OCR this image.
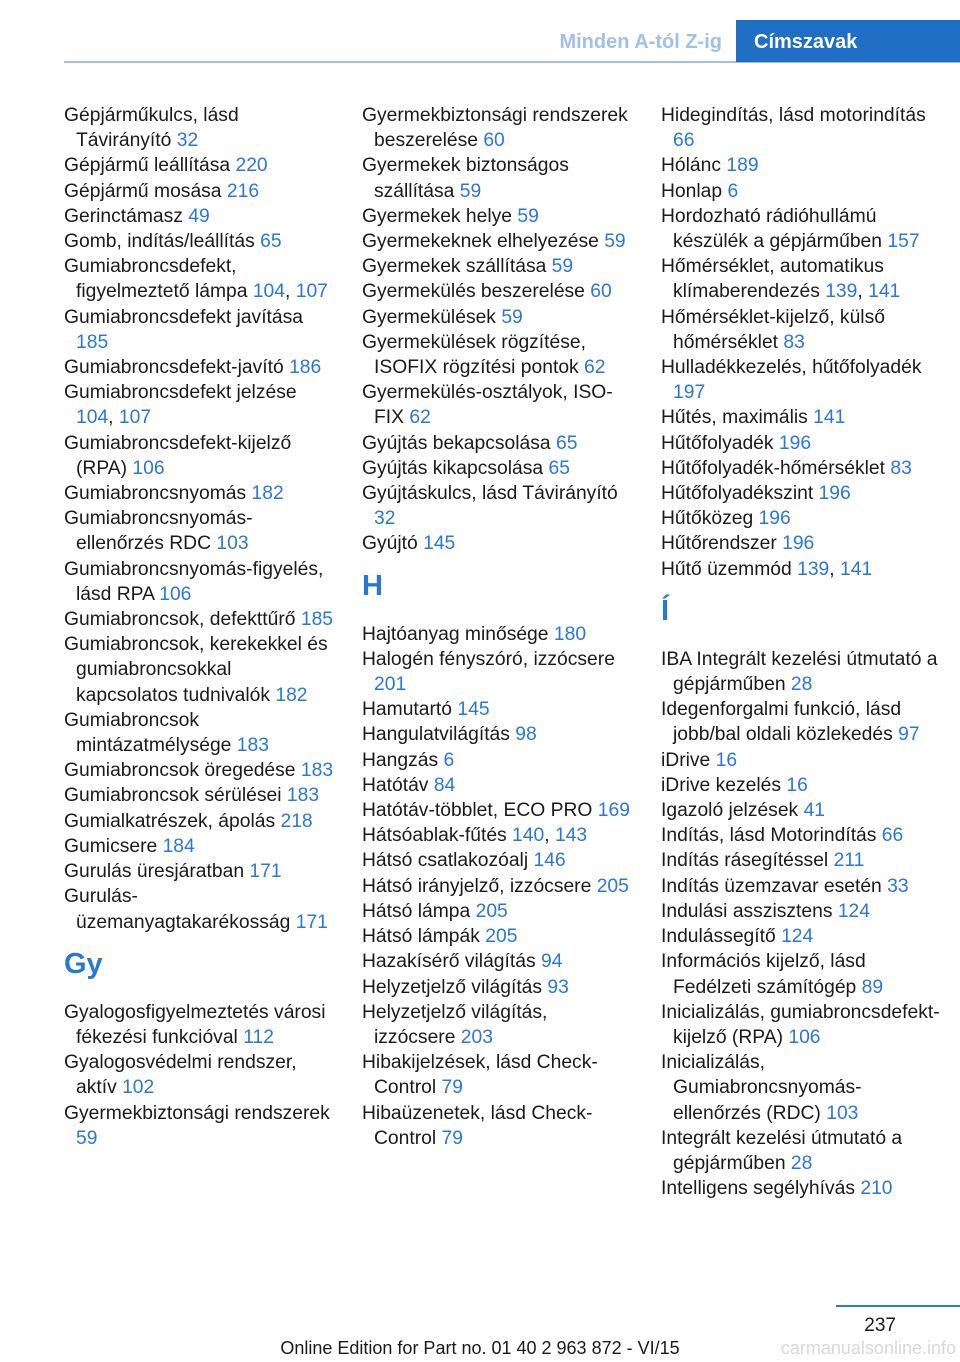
Minden A-tól Z-ig	Címszavak
Gépjárműkulcs, lásd Távirányító 32
Gépjármű leállítása 220
Gépjármű mosása 216
Gerinctámasz 49
Gomb, indítás/leállítás 65
Gumiabroncsdefekt, figyelmeztető lámpa 104, 107
Gumiabroncsdefekt javítása 185
Gumiabroncsdefekt-javító 186
Gumiabroncsdefekt jelzése 104, 107
Gumiabroncsdefekt-kijelző (RPA) 106
Gumiabroncsnyomás 182
Gumiabroncsnyomás-ellenőrzés RDC 103
Gumiabroncsnyomás-figyelés, lásd RPA 106
Gumiabroncsok, defekttűrő 185
Gumiabroncsok, kerekekkel és gumiabroncsokkal kapcsolatos tudnivalók 182
Gumiabroncsok mintázatmélysége 183
Gumiabroncsok öregedése 183
Gumiabroncsok sérülései 183
Gumialkatrészek, ápolás 218
Gumicsere 184
Gurulás üresjáratban 171
Gurulás-üzemanyagtakarékosság 171
Gy
Gyalogosfigyelmeztetés városi fékezési funkcióval 112
Gyalogosvédelmi rendszer, aktív 102
Gyermekbiztonsági rendszerek 59
Gyermekbiztonsági rendszerek beszerelése 60
Gyermekek biztonságos szállítása 59
Gyermekek helye 59
Gyermekeknek elhelyezése 59
Gyermekek szállítása 59
Gyermekülés beszerelése 60
Gyermekülések 59
Gyermekülések rögzítése, ISOFIX rögzítési pontok 62
Gyermekülés-osztályok, ISO-FIX 62
Gyújtás bekapcsolása 65
Gyújtás kikapcsolása 65
Gyújtáskulcs, lásd Távirányító 32
Gyújtó 145
H
Hajtóanyag minősége 180
Halogén fényszóró, izzócsere 201
Hamutartó 145
Hangulatvilágítás 98
Hangzás 6
Hatótáv 84
Hatótáv-többlet, ECO PRO 169
Hátsóablak-fűtés 140, 143
Hátsó csatlakozóalj 146
Hátsó irányjelző, izzócsere 205
Hátsó lámpa 205
Hátsó lámpák 205
Hazakísérő világítás 94
Helyzetjelző világítás 93
Helyzetjelző világítás, izzócsere 203
Hibakijelzések, lásd Check-Control 79
Hibaüzenetek, lásd Check-Control 79
Hidegindítás, lásd motorindítás 66
Hólánc 189
Honlap 6
Hordozható rádióhullámú készülék a gépjárműben 157
Hőmérséklet, automatikus klímaberendezés 139, 141
Hőmérséklet-kijelző, külső hőmérséklet 83
Hulladékkezelés, hűtőfolyadék 197
Hűtés, maximális 141
Hűtőfolyadék 196
Hűtőfolyadék-hőmérséklet 83
Hűtőfolyadékszint 196
Hűtőközeg 196
Hűtőrendszer 196
Hűtő üzemmód 139, 141
Í
IBA Integrált kezelési útmutató a gépjárműben 28
Idegenforgalmi funkció, lásd jobb/bal oldali közlekedés 97
iDrive 16
iDrive kezelés 16
Igazoló jelzések 41
Indítás, lásd Motorindítás 66
Indítás rásegítéssel 211
Indítás üzemzavar esetén 33
Indulási asszisztens 124
Indulássegítő 124
Információs kijelző, lásd Fedélzeti számítógép 89
Inicializálás, gumiabroncsdefekt-kijelző (RPA) 106
Inicializálás, Gumiabroncsnyomás-ellenőrzés (RDC) 103
Integrált kezelési útmutató a gépjárműben 28
Intelligens segélyhívás 210
237
Online Edition for Part no. 01 40 2 963 872 - VI/15	carmanualsonline.info
